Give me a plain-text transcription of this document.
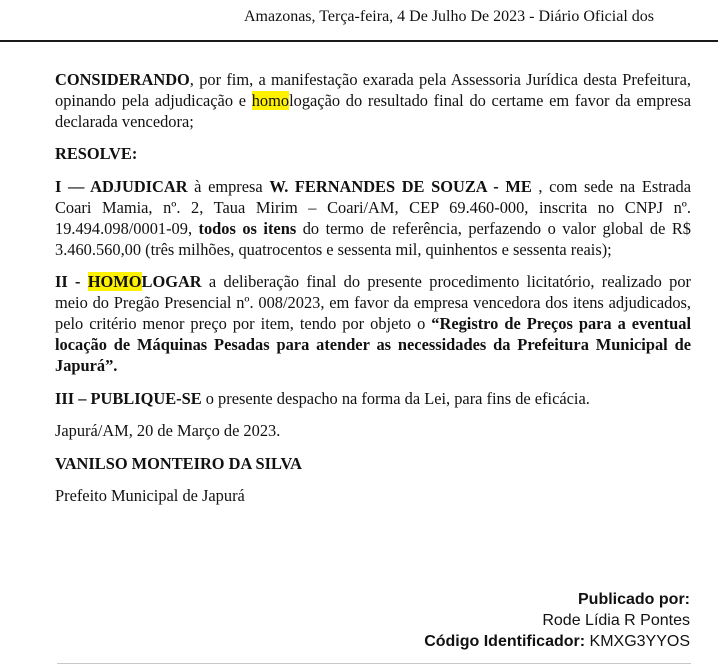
Amazonas, Terça-feira, 4 De Julho De 2023 - Diário Oficial dos

CONSIDERANDO, por fim, a manifestação exarada pela Assessoria Jurídica desta Prefeitura, opinando pela adjudicação e homologação do resultado final do certame em favor da empresa declarada vencedora;

RESOLVE:

I — ADJUDICAR à empresa W. FERNANDES DE SOUZA - ME , com sede na Estrada Coari Mamia, nº. 2, Taua Mirim – Coari/AM, CEP 69.460-000, inscrita no CNPJ nº. 19.494.098/0001-09, todos os itens do termo de referência, perfazendo o valor global de R$ 3.460.560,00 (três milhões, quatrocentos e sessenta mil, quinhentos e sessenta reais);

II - HOMOLOGAR a deliberação final do presente procedimento licitatório, realizado por meio do Pregão Presencial nº. 008/2023, em favor da empresa vencedora dos itens adjudicados, pelo critério menor preço por item, tendo por objeto o “Registro de Preços para a eventual locação de Máquinas Pesadas para atender as necessidades da Prefeitura Municipal de Japurá”.

III – PUBLIQUE-SE o presente despacho na forma da Lei, para fins de eficácia.

Japurá/AM, 20 de Março de 2023.

VANILSO MONTEIRO DA SILVA

Prefeito Municipal de Japurá

Publicado por:
Rode Lídia R Pontes
Código Identificador: KMXG3YYOS
